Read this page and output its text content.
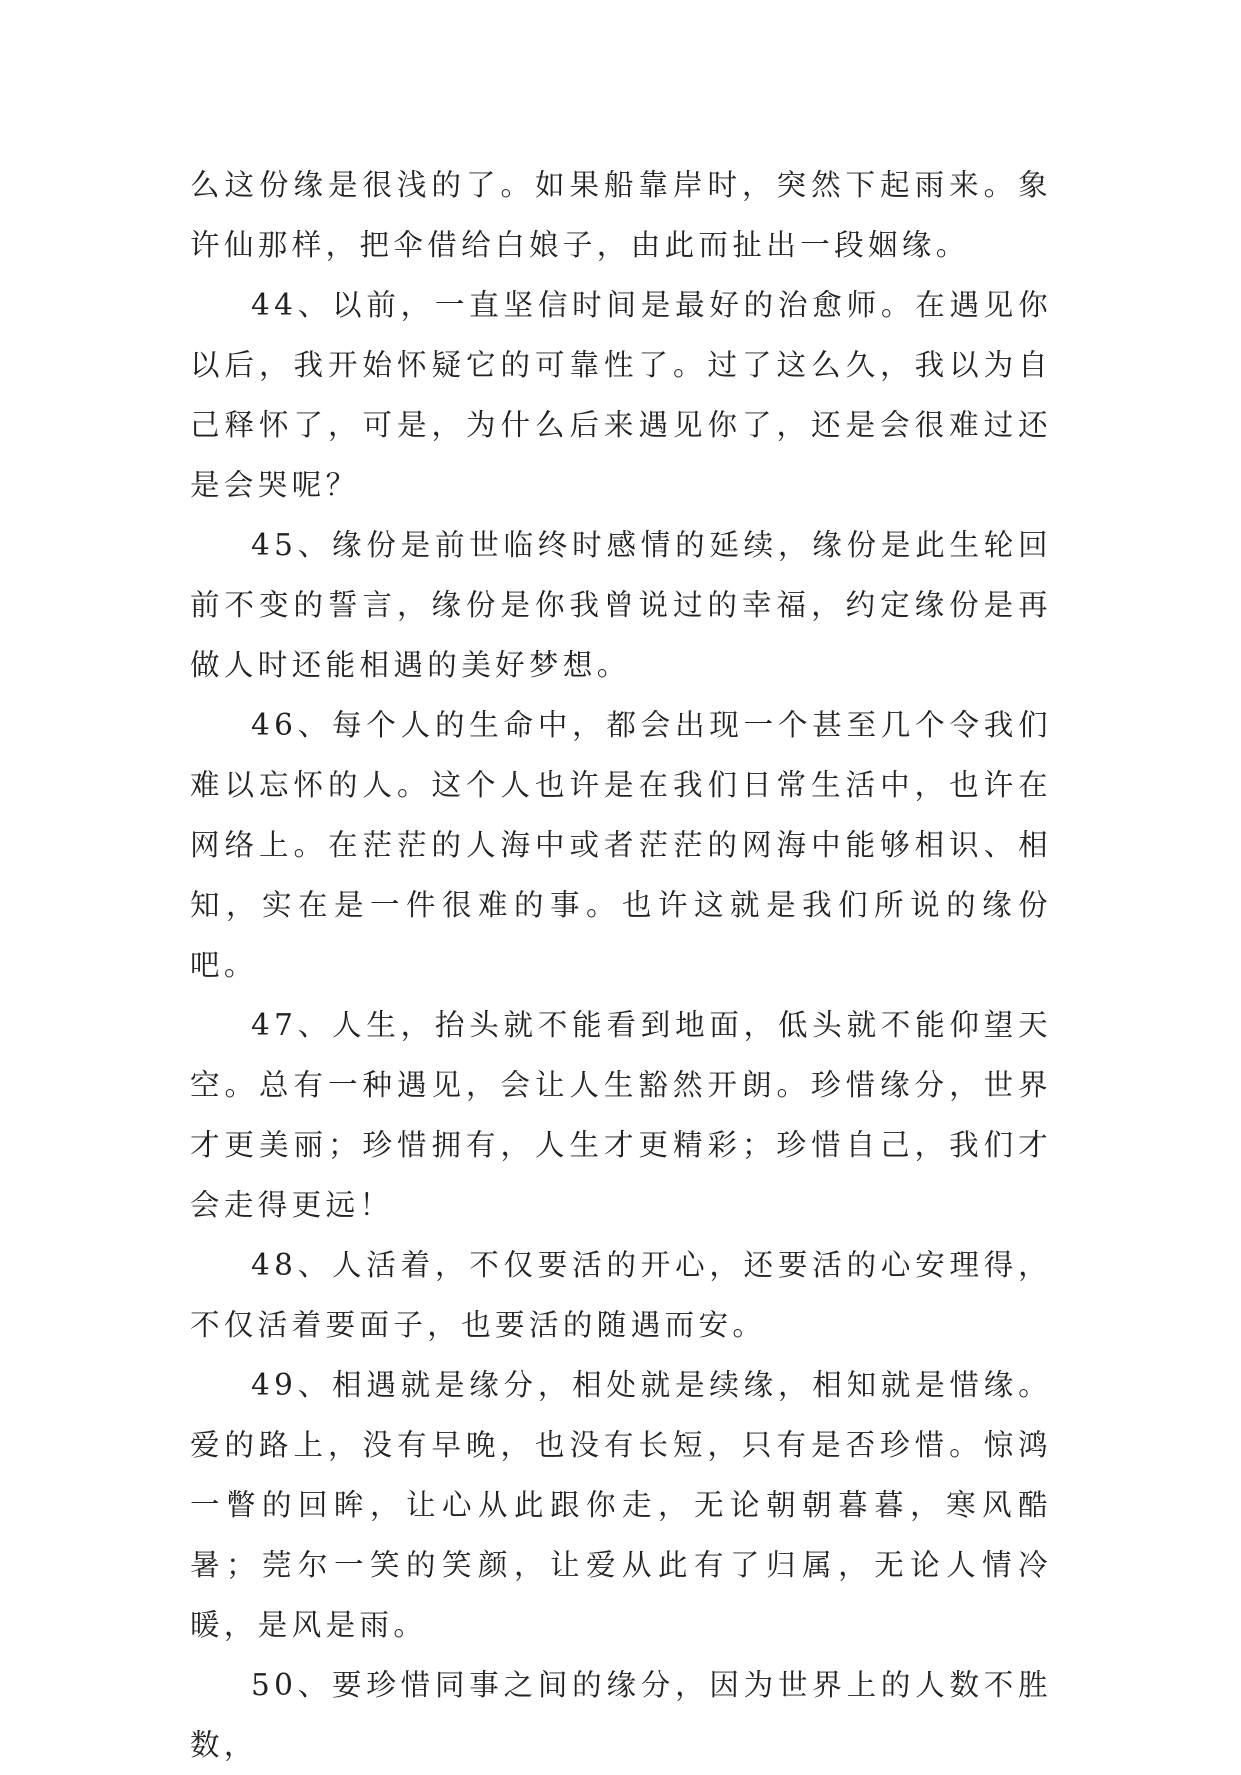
么这份缘是很浅的了。如果船靠岸时，突然下起雨来。象许仙那样，把伞借给白娘子，由此而扯出一段姻缘。

44、以前，一直坚信时间是最好的治愈师。在遇见你以后，我开始怀疑它的可靠性了。过了这么久，我以为自己释怀了，可是，为什么后来遇见你了，还是会很难过还是会哭呢？

45、缘份是前世临终时感情的延续，缘份是此生轮回前不变的誓言，缘份是你我曾说过的幸福，约定缘份是再做人时还能相遇的美好梦想。

46、每个人的生命中，都会出现一个甚至几个令我们难以忘怀的人。这个人也许是在我们日常生活中，也许在网络上。在茫茫的人海中或者茫茫的网海中能够相识、相知，实在是一件很难的事。也许这就是我们所说的缘份吧。

47、人生，抬头就不能看到地面，低头就不能仰望天空。总有一种遇见，会让人生豁然开朗。珍惜缘分，世界才更美丽；珍惜拥有，人生才更精彩；珍惜自己，我们才会走得更远！

48、人活着，不仅要活的开心，还要活的心安理得，不仅活着要面子，也要活的随遇而安。

49、相遇就是缘分，相处就是续缘，相知就是惜缘。爱的路上，没有早晚，也没有长短，只有是否珍惜。惊鸿一瞥的回眸，让心从此跟你走，无论朝朝暮暮，寒风酷暑；莞尔一笑的笑颜，让爱从此有了归属，无论人情冷暖，是风是雨。

50、要珍惜同事之间的缘分，因为世界上的人数不胜数，
